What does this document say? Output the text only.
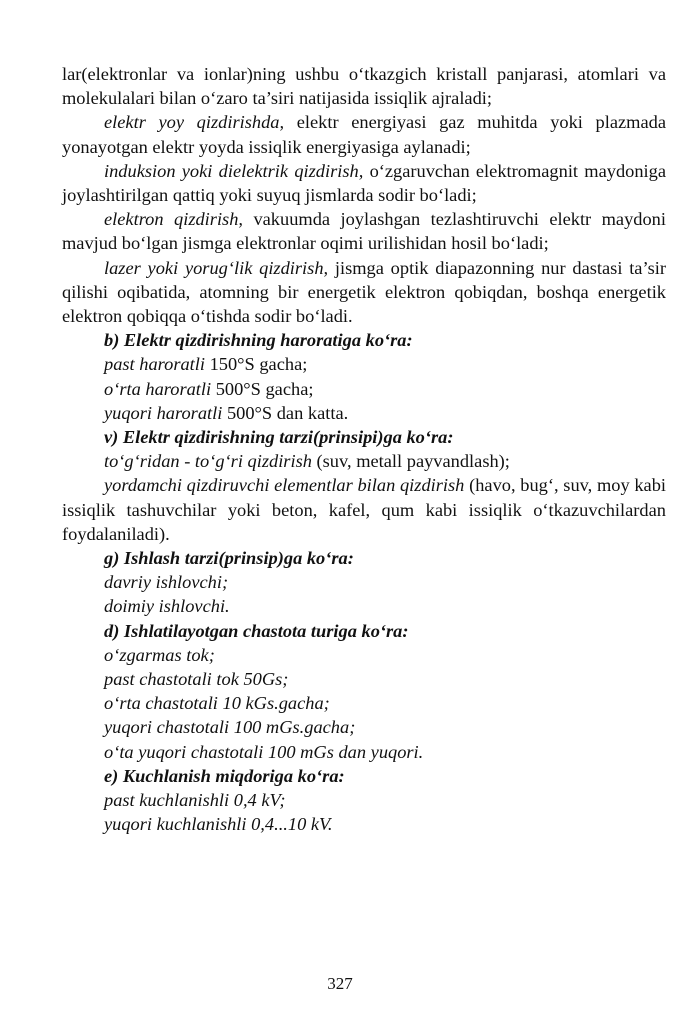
lar(elektronlar va ionlar)ning ushbu o‘tkazgich kristall panjarasi, atomlari va molekulalari bilan o‘zaro ta’siri natijasida issiqlik ajraladi;

elektr yoy qizdirishda, elektr energiyasi gaz muhitda yoki plazmada yonayotgan elektr yoyda issiqlik energiyasiga aylanadi;

induksion yoki dielektrik qizdirish, o‘zgaruvchan elektromagnit maydoniga joylashtirilgan qattiq yoki suyuq jismlarda sodir bo‘ladi;

elektron qizdirish, vakuumda joylashgan tezlashtiruvchi elektr maydoni mavjud bo‘lgan jismga elektronlar oqimi urilishidan hosil bo‘ladi;

lazer yoki yorug‘lik qizdirish, jismga optik diapazonning nur dastasi ta’sir qilishi oqibatida, atomning bir energetik elektron qobiqdan, boshqa energetik elektron qobiqqa o‘tishda sodir bo‘ladi.

b) Elektr qizdirishning haroratiga ko‘ra:

past haroratli 150°S gacha;

o‘rta haroratli 500°S gacha;

yuqori haroratli 500°S dan katta.

v) Elektr qizdirishning tarzi(prinsipi)ga ko‘ra:

to‘g‘ridan - to‘g‘ri qizdirish (suv, metall payvandlash);

yordamchi qizdiruvchi elementlar bilan qizdirish (havo, bug‘, suv, moy kabi issiqlik tashuvchilar yoki beton, kafel, qum kabi issiqlik o‘tkazuvchilardan foydalaniladi).

g) Ishlash tarzi(prinsip)ga ko‘ra:

davriy ishlovchi;

doimiy ishlovchi.

d) Ishlatilayotgan chastota turiga ko‘ra:

o‘zgarmas tok;

past chastotali tok 50Gs;

o‘rta chastotali 10 kGs.gacha;

yuqori chastotali 100 mGs.gacha;

o‘ta yuqori chastotali 100 mGs dan yuqori.

e) Kuchlanish miqdoriga ko‘ra:

past kuchlanishli 0,4 kV;

yuqori kuchlanishli 0,4...10 kV.

327
